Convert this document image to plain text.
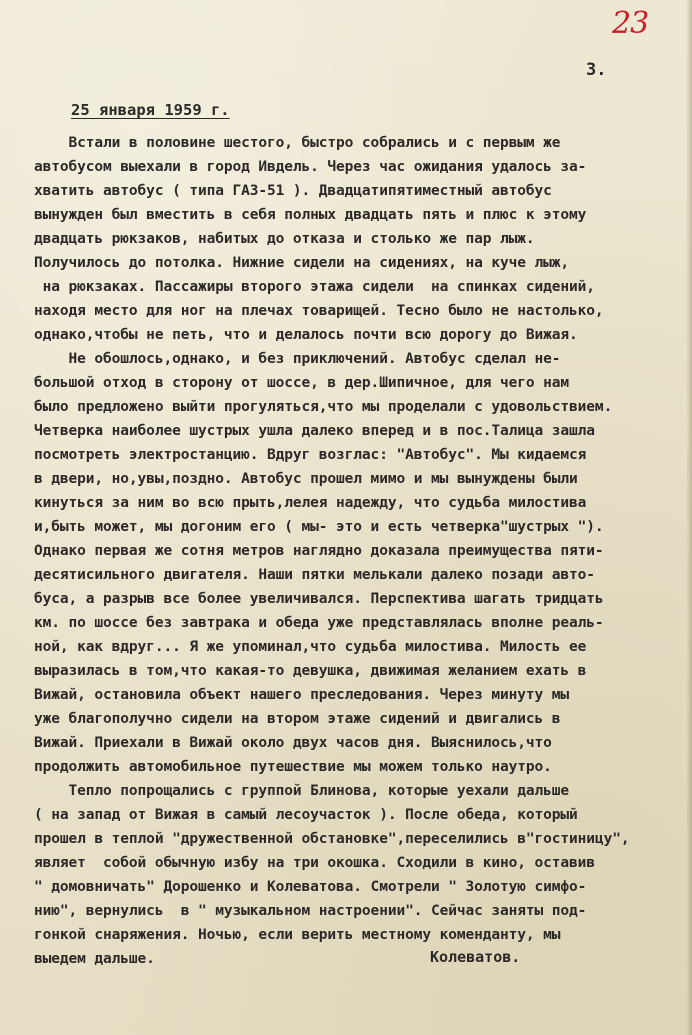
23
3.
25 января 1959 г.
Встали в половине шестого, быстро собрались и с первым же
автобусом выехали в город Ивдель. Через час ожидания удалось за-
хватить автобус ( типа ГАЗ-51 ). Двадцатипятиместный автобус
вынужден был вместить в себя полных двадцать пять и плюс к этому
двадцать рюкзаков, набитых до отказа и столько же пар лыж.
Получилось до потолка. Нижние сидели на сидениях, на куче лыж,
на рюкзаках. Пассажиры второго этажа сидели  на спинках сидений,
находя место для ног на плечах товарищей. Тесно было не настолько,
однако,чтобы не петь, что и делалось почти всю дорогу до Вижая.
Не обошлось,однако, и без приключений. Автобус сделал не-
большой отход в сторону от шоссе, в дер.Шипичное, для чего нам
было предложено выйти прогуляться,что мы проделали с удовольствием.
Четверка наиболее шустрых ушла далеко вперед и в пос.Талица зашла
посмотреть электростанцию. Вдруг возглас: "Автобус". Мы кидаемся
в двери, но,увы,поздно. Автобус прошел мимо и мы вынуждены были
кинуться за ним во всю прыть,лелея надежду, что судьба милостива
и,быть может, мы догоним его ( мы- это и есть четверка"шустрых ").
Однако первая же сотня метров наглядно доказала преимущества пяти-
десятисильного двигателя. Наши пятки мелькали далеко позади авто-
буса, а разрыв все более увеличивался. Перспектива шагать тридцать
км. по шоссе без завтрака и обеда уже представлялась вполне реаль-
ной, как вдруг... Я же упоминал,что судьба милостива. Милость ее
выразилась в том,что какая-то девушка, движимая желанием ехать в
Вижай, остановила объект нашего преследования. Через минуту мы
уже благополучно сидели на втором этаже сидений и двигались в
Вижай. Приехали в Вижай около двух часов дня. Выяснилось,что
продолжить автомобильное путешествие мы можем только наутро.
Тепло попрощались с группой Блинова, которые уехали дальше
( на запад от Вижая в самый лесоучасток ). После обеда, который
прошел в теплой "дружественной обстановке",переселились в"гостиницу",
являет  собой обычную избу на три окошка. Сходили в кино, оставив
" домовничать" Дорошенко и Колеватова. Смотрели " Золотую симфо-
нию", вернулись  в " музыкальном настроении". Сейчас заняты под-
гонкой снаряжения. Ночью, если верить местному коменданту, мы
выедем дальше.	Колеватов.
